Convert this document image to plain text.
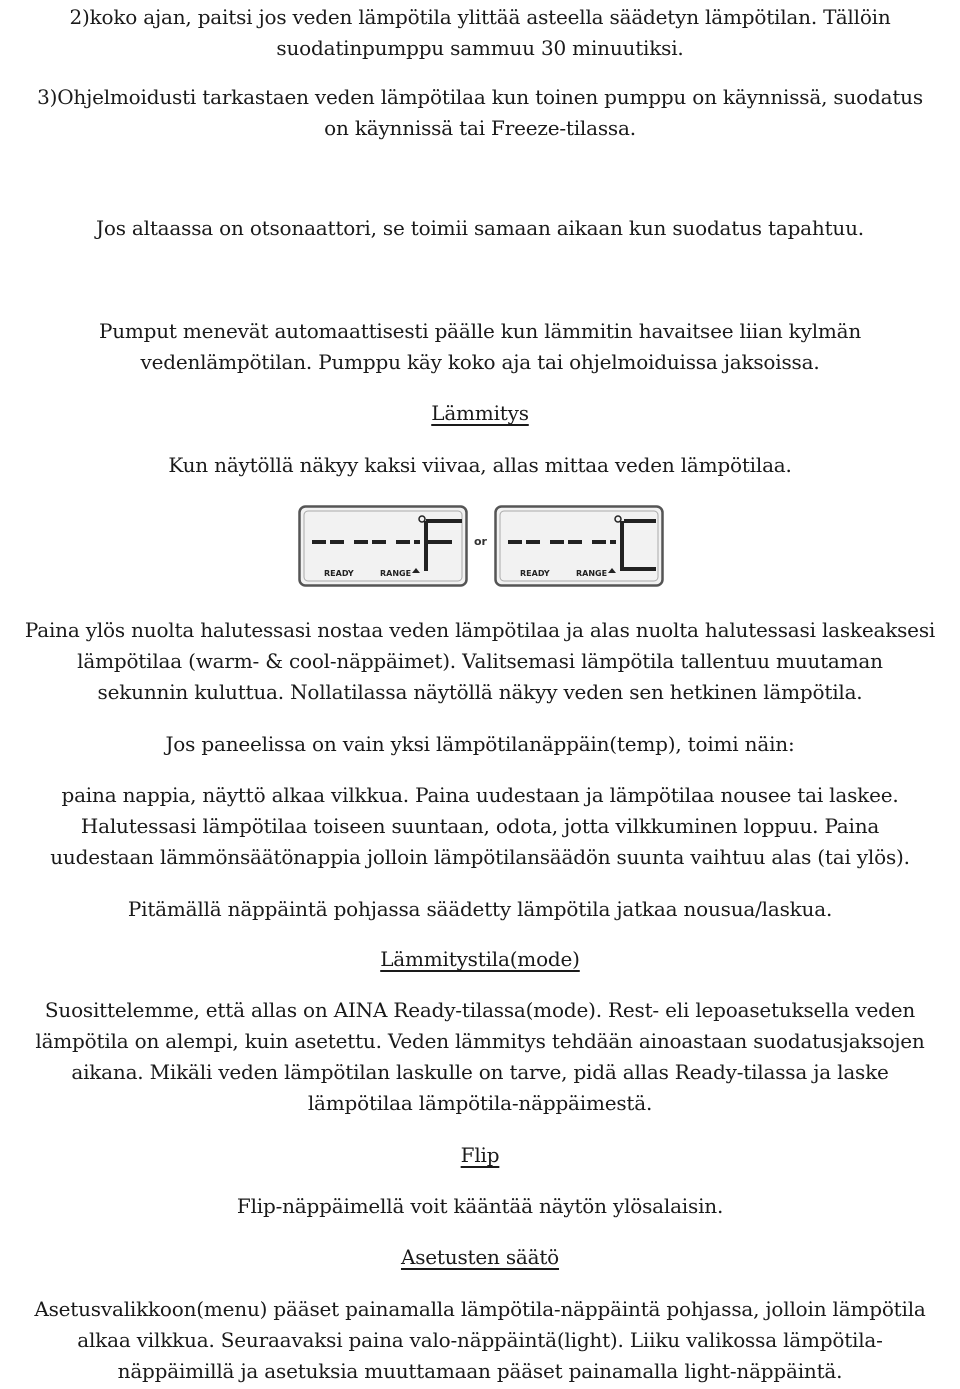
2)koko ajan, paitsi jos veden lämpötila ylittää asteella säädetyn lämpötilan. Tällöin
suodatinpumppu sammuu 30 minuutiksi.
3)Ohjelmoidusti tarkastaen veden lämpötilaa kun toinen pumppu on käynnissä, suodatus
on käynnissä tai Freeze-tilassa.
Jos altaassa on otsonaattori, se toimii samaan aikaan kun suodatus tapahtuu.
Pumput menevät automaattisesti päälle kun lämmitin havaitsee liian kylmän
vedenlämpötilan. Pumppu käy koko aja tai ohjelmoiduissa jaksoissa.
Lämmitys
Kun näytöllä näkyy kaksi viivaa, allas mittaa veden lämpötilaa.
READY	RANGE
or
READY	RANGE
Paina ylös nuolta halutessasi nostaa veden lämpötilaa ja alas nuolta halutessasi laskeaksesi
lämpötilaa (warm- & cool-näppäimet). Valitsemasi lämpötila tallentuu muutaman
sekunnin kuluttua. Nollatilassa näytöllä näkyy veden sen hetkinen lämpötila.
Jos paneelissa on vain yksi lämpötilanäppäin(temp), toimi näin:
paina nappia, näyttö alkaa vilkkua. Paina uudestaan ja lämpötilaa nousee tai laskee.
Halutessasi lämpötilaa toiseen suuntaan, odota, jotta vilkkuminen loppuu. Paina
uudestaan lämmönsäätönappia jolloin lämpötilansäädön suunta vaihtuu alas (tai ylös).
Pitämällä näppäintä pohjassa säädetty lämpötila jatkaa nousua/laskua.
Lämmitystila(mode)
Suosittelemme, että allas on AINA Ready-tilassa(mode). Rest- eli lepoasetuksella veden
lämpötila on alempi, kuin asetettu. Veden lämmitys tehdään ainoastaan suodatusjaksojen
aikana. Mikäli veden lämpötilan laskulle on tarve, pidä allas Ready-tilassa ja laske
lämpötilaa lämpötila-näppäimestä.
Flip
Flip-näppäimellä voit kääntää näytön ylösalaisin.
Asetusten säätö
Asetusvalikkoon(menu) pääset painamalla lämpötila-näppäintä pohjassa, jolloin lämpötila
alkaa vilkkua. Seuraavaksi paina valo-näppäintä(light). Liiku valikossa lämpötila-
näppäimillä ja asetuksia muuttamaan pääset painamalla light-näppäintä.
